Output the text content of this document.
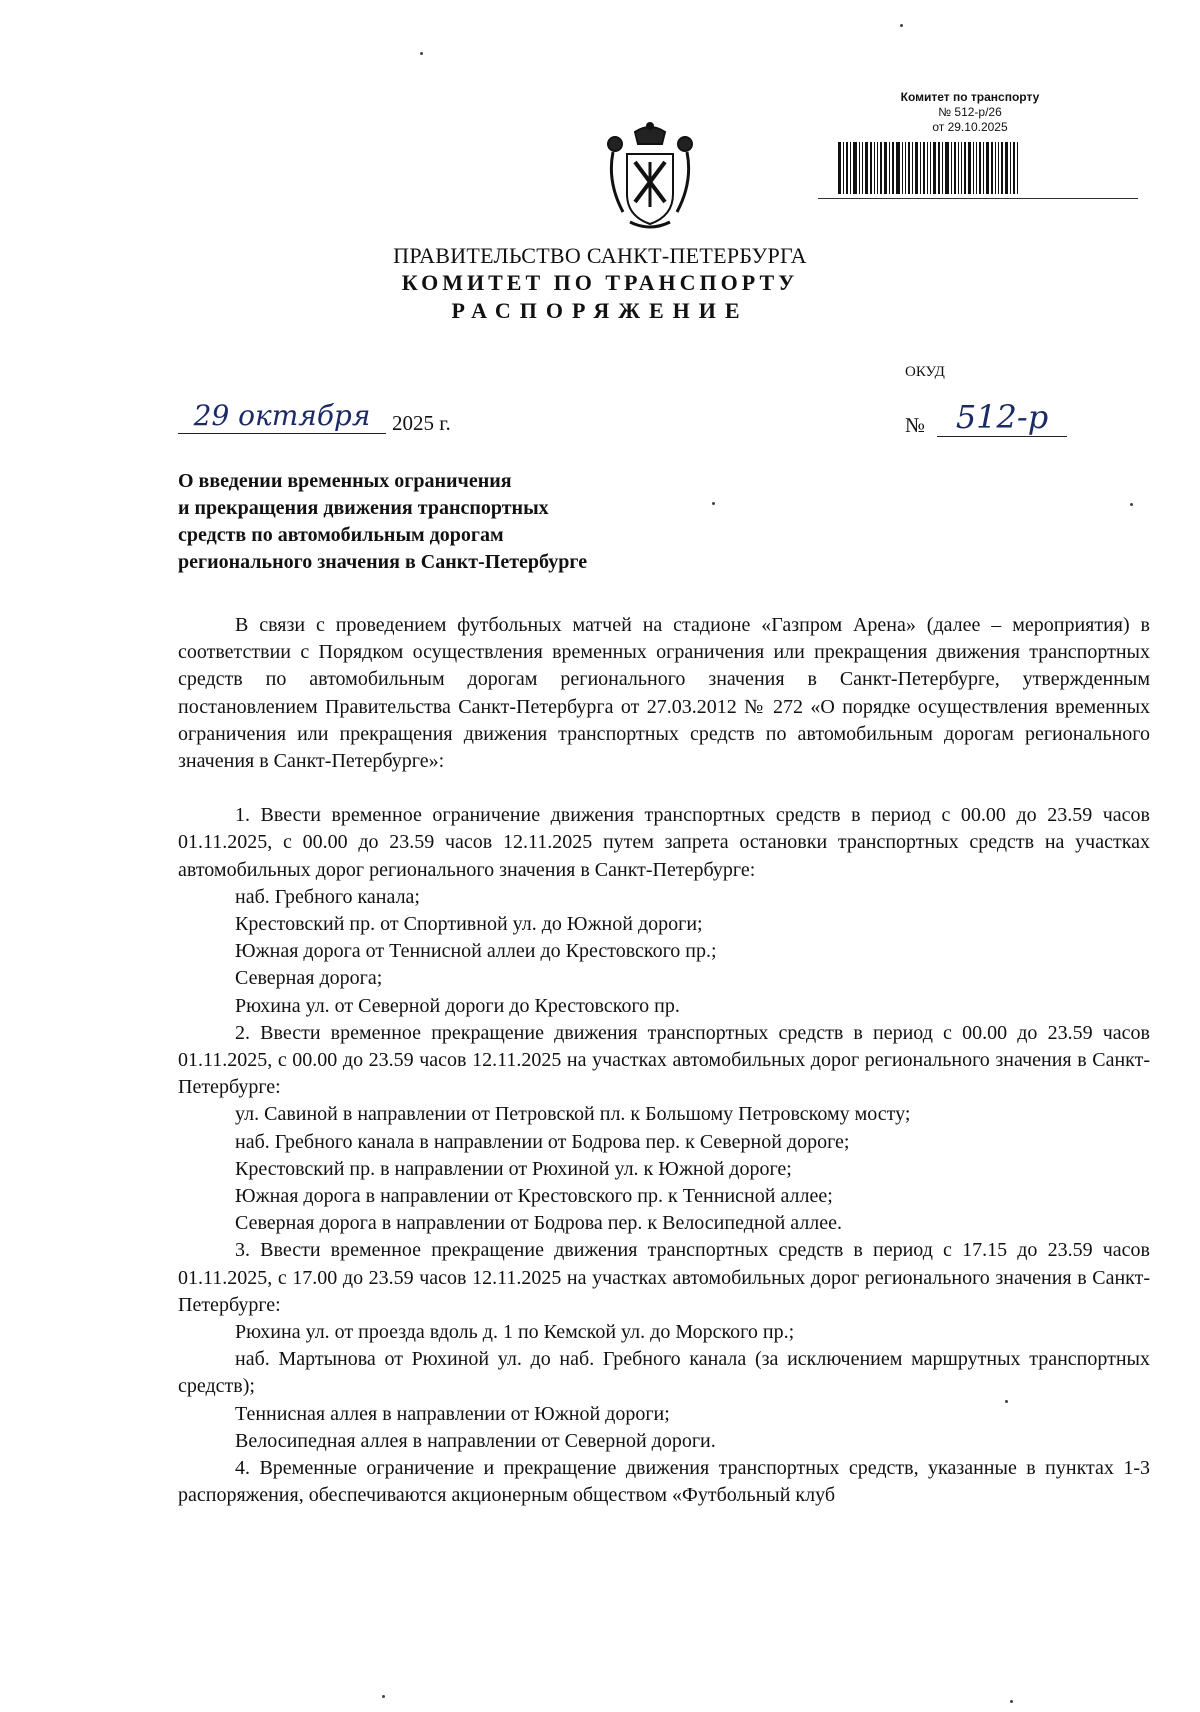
Комитет по транспорту
№ 512-р/26
от 29.10.2025
ПРАВИТЕЛЬСТВО САНКТ-ПЕТЕРБУРГА
КОМИТЕТ ПО ТРАНСПОРТУ
РАСПОРЯЖЕНИЕ
ОКУД
29 октября	2025 г.	№ 512-р
О введении временных ограничения
и прекращения движения транспортных
средств по автомобильным дорогам
регионального значения в Санкт-Петербурге

В связи с проведением футбольных матчей на стадионе «Газпром Арена» (далее – мероприятия) в соответствии с Порядком осуществления временных ограничения или прекращения движения транспортных средств по автомобильным дорогам регионального значения в Санкт-Петербурге, утвержденным постановлением Правительства Санкт-Петербурга от 27.03.2012 № 272 «О порядке осуществления временных ограничения или прекращения движения транспортных средств по автомобильным дорогам регионального значения в Санкт-Петербурге»:

1. Ввести временное ограничение движения транспортных средств в период с 00.00 до 23.59 часов 01.11.2025, с 00.00 до 23.59 часов 12.11.2025 путем запрета остановки транспортных средств на участках автомобильных дорог регионального значения в Санкт-Петербурге:

наб. Гребного канала;

Крестовский пр. от Спортивной ул. до Южной дороги;

Южная дорога от Теннисной аллеи до Крестовского пр.;

Северная дорога;

Рюхина ул. от Северной дороги до Крестовского пр.

2. Ввести временное прекращение движения транспортных средств в период с 00.00 до 23.59 часов 01.11.2025, с 00.00 до 23.59 часов 12.11.2025 на участках автомобильных дорог регионального значения в Санкт-Петербурге:

ул. Савиной в направлении от Петровской пл. к Большому Петровскому мосту;

наб. Гребного канала в направлении от Бодрова пер. к Северной дороге;

Крестовский пр. в направлении от Рюхиной ул. к Южной дороге;

Южная дорога в направлении от Крестовского пр. к Теннисной аллее;

Северная дорога в направлении от Бодрова пер. к Велосипедной аллее.

3. Ввести временное прекращение движения транспортных средств в период с 17.15 до 23.59 часов 01.11.2025, с 17.00 до 23.59 часов 12.11.2025 на участках автомобильных дорог регионального значения в Санкт-Петербурге:

Рюхина ул. от проезда вдоль д. 1 по Кемской ул. до Морского пр.;

наб. Мартынова от Рюхиной ул. до наб. Гребного канала (за исключением маршрутных транспортных средств);

Теннисная аллея в направлении от Южной дороги;

Велосипедная аллея в направлении от Северной дороги.

4. Временные ограничение и прекращение движения транспортных средств, указанные в пунктах 1-3 распоряжения, обеспечиваются акционерным обществом «Футбольный клуб
